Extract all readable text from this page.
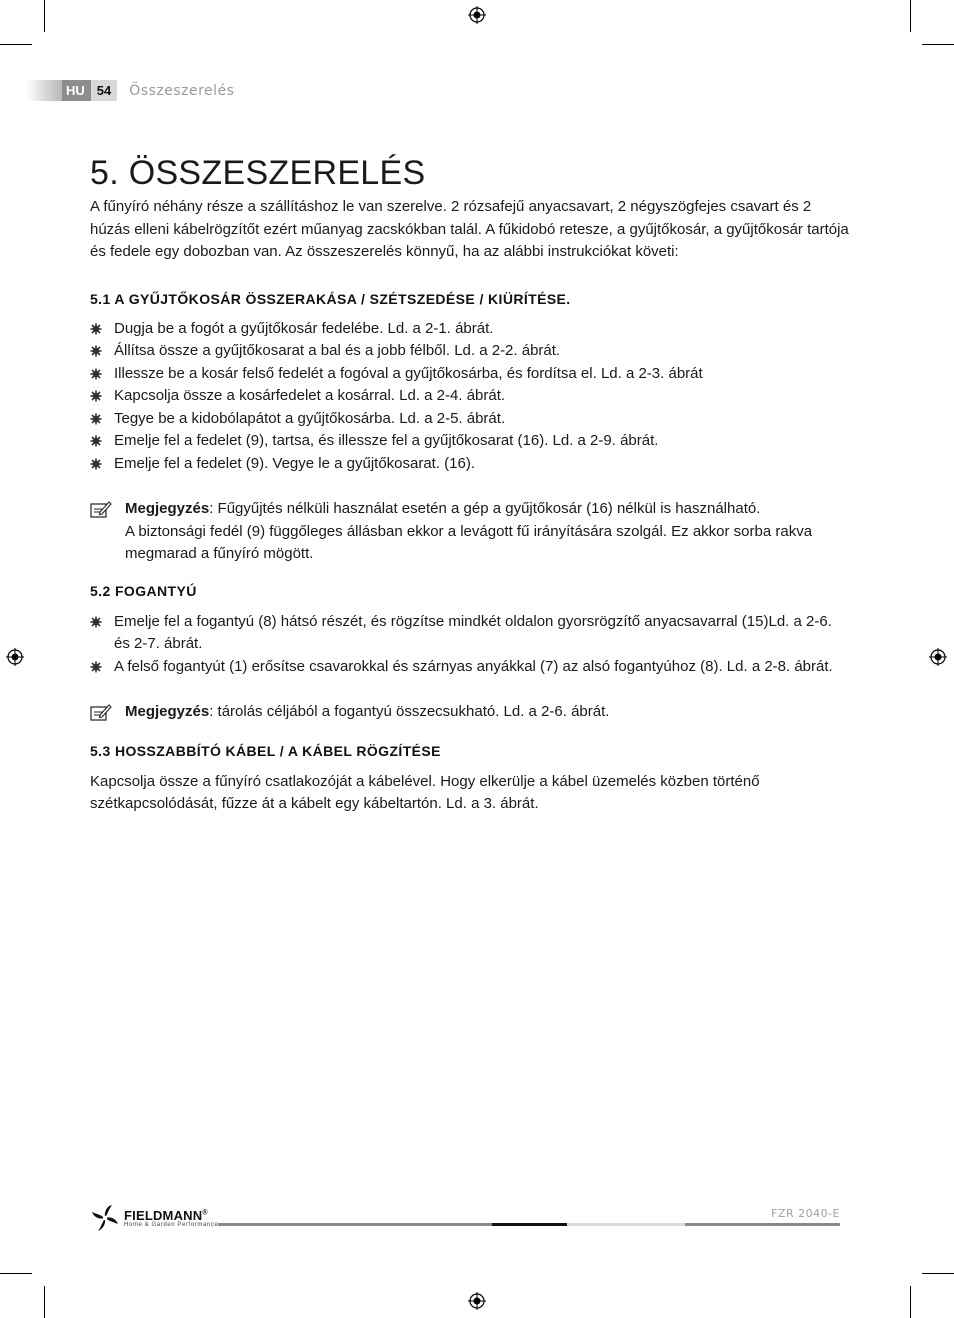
HU 54	Összeszerelés
5. ÖSSZESZERELÉS

A fűnyíró néhány része a szállításhoz le van szerelve. 2 rózsafejű anyacsavart, 2 négyszögfejes csavart és 2 húzás elleni kábelrögzítőt ezért műanyag zacskókban talál. A fűkidobó retesze, a gyűjtőkosár, a gyűjtőkosár tartója és fedele egy dobozban van. Az összeszerelés könnyű, ha az alábbi instrukciókat követi:

5.1 A GYŰJTŐKOSÁR ÖSSZERAKÁSA / SZÉTSZEDÉSE / KIÜRÍTÉSE.
Dugja be a fogót a gyűjtőkosár fedelébe. Ld. a 2-1. ábrát.
Állítsa össze a gyűjtőkosarat a bal és a jobb félből. Ld. a 2-2. ábrát.
Illessze be a kosár felső fedelét a fogóval a gyűjtőkosárba, és fordítsa el. Ld. a 2-3. ábrát
Kapcsolja össze a kosárfedelet a kosárral. Ld. a 2-4. ábrát.
Tegye be a kidobólapátot a gyűjtőkosárba. Ld. a 2-5. ábrát.
Emelje fel a fedelet (9), tartsa, és illessze fel a gyűjtőkosarat (16). Ld. a 2-9. ábrát.
Emelje fel a fedelet (9). Vegye le a gyűjtőkosarat. (16).
Megjegyzés: Fűgyűjtés nélküli használat esetén a gép a gyűjtőkosár (16) nélkül is használható.
A biztonsági fedél (9) függőleges állásban ekkor a levágott fű irányítására szolgál. Ez akkor sorba rakva megmarad a fűnyíró mögött.
5.2 FOGANTYÚ
Emelje fel a fogantyú (8) hátsó részét, és rögzítse mindkét oldalon gyorsrögzítő anyacsavarral (15)Ld. a 2-6. és 2-7. ábrát.
A felső fogantyút (1) erősítse csavarokkal és szárnyas anyákkal (7) az alsó fogantyúhoz (8). Ld. a 2-8. ábrát.
Megjegyzés: tárolás céljából a fogantyú összecsukható. Ld. a 2-6. ábrát.
5.3 HOSSZABBÍTÓ KÁBEL / A KÁBEL RÖGZÍTÉSE

Kapcsolja össze a fűnyíró csatlakozóját a kábelével. Hogy elkerülje a kábel üzemelés közben történő szétkapcsolódását, fűzze át a kábelt egy kábeltartón. Ld. a 3. ábrát.

FIELDMANN®
Home & Garden Performance
FZR 2040-E
